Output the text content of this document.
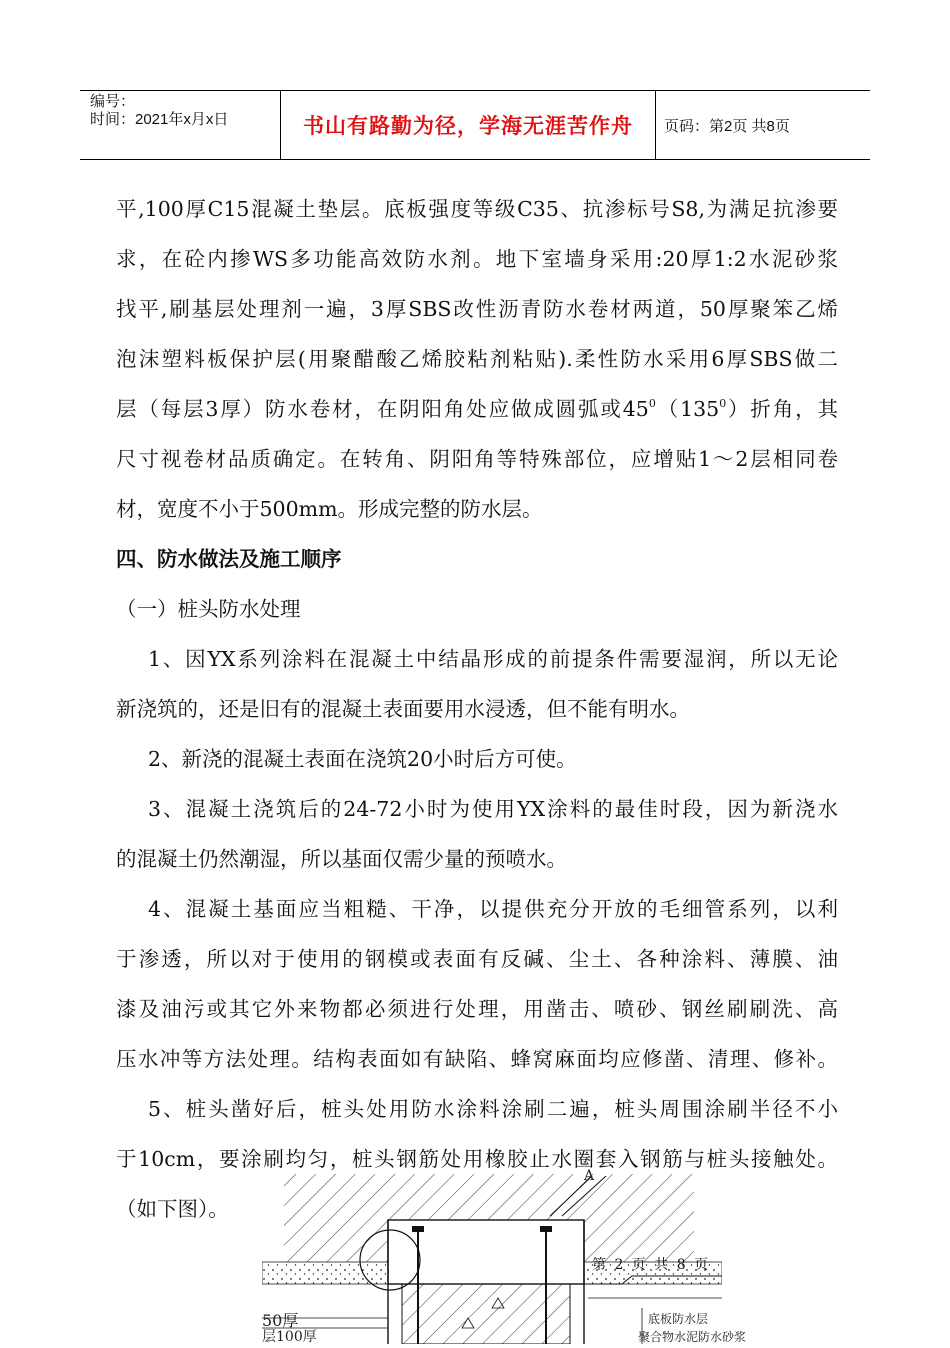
编号：
时间：2021年x月x日	书山有路勤为径，学海无涯苦作舟	页码：第2页 共8页

平,100厚C15混凝土垫层。底板强度等级C35、抗渗标号S8,为满足抗渗要

求，在砼内掺WS多功能高效防水剂。地下室墙身采用:20厚1:2水泥砂浆

找平,刷基层处理剂一遍，3厚SBS改性沥青防水卷材两道，50厚聚笨乙烯

泡沫塑料板保护层(用聚醋酸乙烯胶粘剂粘贴).柔性防水采用6厚SBS做二

层（每层3厚）防水卷材，在阴阳角处应做成圆弧或$45^0(135^0)$折角，其

尺寸视卷材品质确定。在转角、阴阳角等特殊部位，应增贴1～2层相同卷

材，宽度不小于500mm。形成完整的防水层。

四、防水做法及施工顺序

（一）桩头防水处理

1、因YX系列涂料在混凝土中结晶形成的前提条件需要湿润，所以无论

新浇筑的，还是旧有的混凝土表面要用水浸透，但不能有明水。

2、新浇的混凝土表面在浇筑20小时后方可使。

3、混凝土浇筑后的24-72小时为使用YX涂料的最佳时段，因为新浇水

的混凝土仍然潮湿，所以基面仅需少量的预喷水。

4、混凝土基面应当粗糙、干净，以提供充分开放的毛细管系列，以利

于渗透，所以对于使用的钢模或表面有反碱、尘土、各种涂料、薄膜、油

漆及油污或其它外来物都必须进行处理，用凿击、喷砂、钢丝刷刷洗、高

压水冲等方法处理。结构表面如有缺陷、蜂窝麻面均应修凿、清理、修补。

5、桩头凿好后，桩头处用防水涂料涂刷二遍，桩头周围涂刷半径不小

于10cm，要涂刷均匀，桩头钢筋处用橡胶止水圈套入钢筋与桩头接触处。

（如下图）。

A
50厚
层100厚
底板防水层
聚合物水泥防水砂浆
第 2 页 共 8 页
